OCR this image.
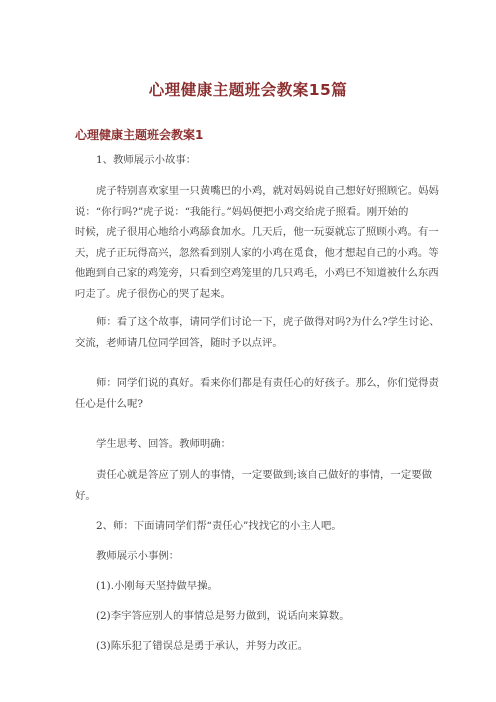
心理健康主题班会教案15篇
心理健康主题班会教案1
1、教师展示小故事：
虎子特别喜欢家里一只黄嘴巴的小鸡，就对妈妈说自己想好好照顾它。妈妈
说：“你行吗?”虎子说：“我能行。”妈妈便把小鸡交给虎子照看。刚开始的
时候，虎子很用心地给小鸡舔食加水。几天后，他一玩耍就忘了照顾小鸡。有一
天，虎子正玩得高兴，忽然看到别人家的小鸡在觅食，他才想起自己的小鸡。等
他跑到自己家的鸡笼旁，只看到空鸡笼里的几只鸡毛，小鸡已不知道被什么东西
叼走了。虎子很伤心的哭了起来。
师：看了这个故事，请同学们讨论一下，虎子做得对吗?为什么?学生讨论、
交流，老师请几位同学回答，随时予以点评。
师：同学们说的真好。看来你们都是有责任心的好孩子。那么，你们觉得责
任心是什么呢?
学生思考、回答。教师明确：
责任心就是答应了别人的事情，一定要做到;该自己做好的事情，一定要做
好。
2、师：下面请同学们帮“责任心”找找它的小主人吧。
教师展示小事例：
(1).小刚每天坚持做早操。
(2)李宇答应别人的事情总是努力做到，说话向来算数。
(3)陈乐犯了错误总是勇于承认，并努力改正。
